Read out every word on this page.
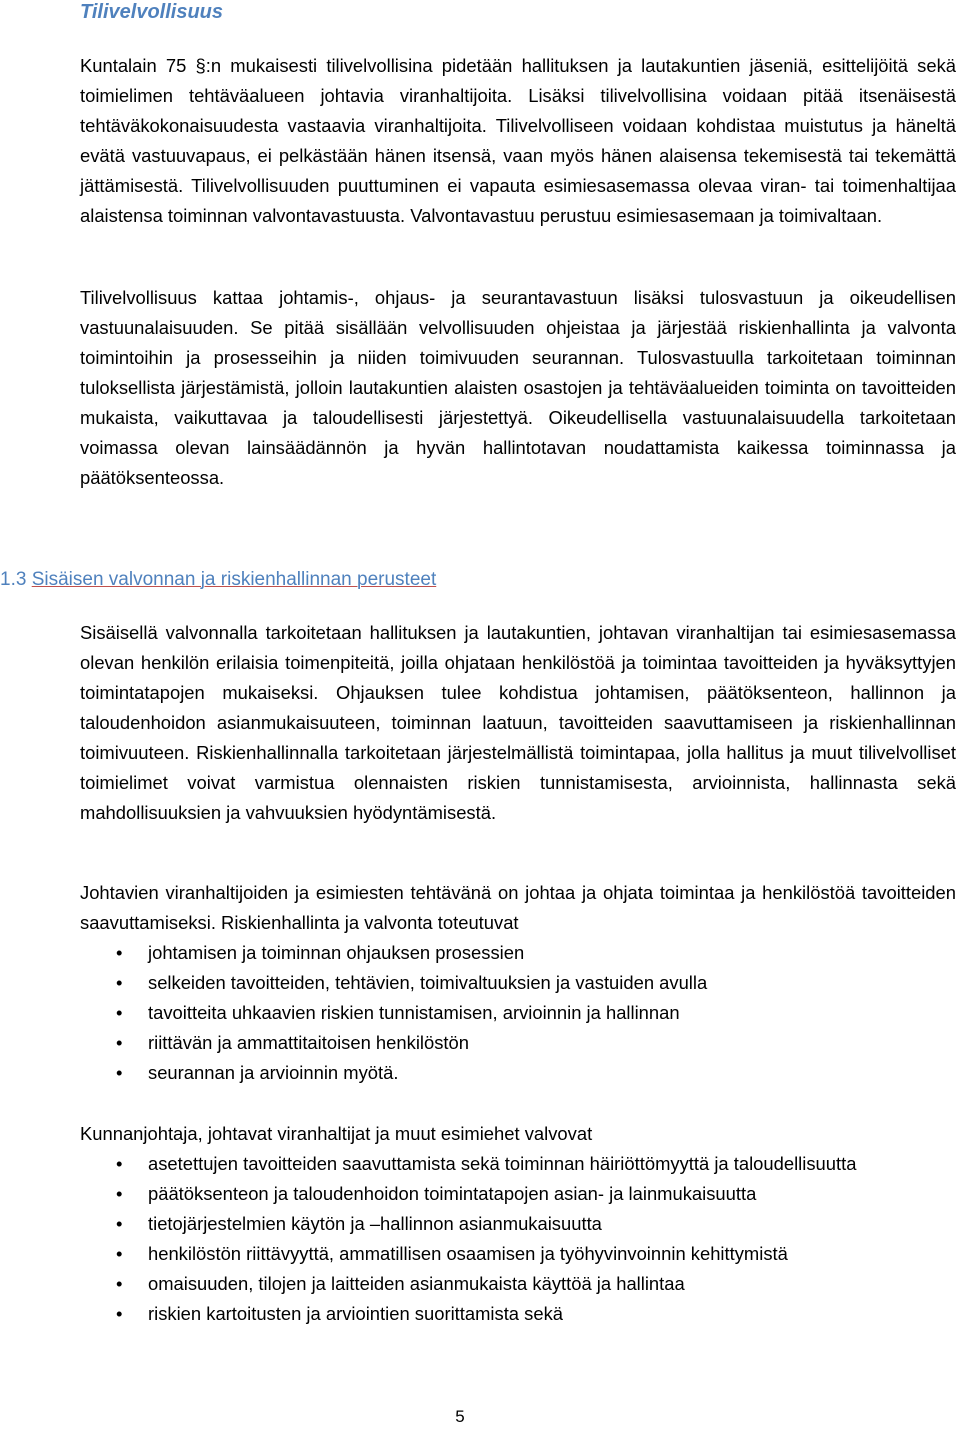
Tilivelvollisuus

Kuntalain 75 §:n mukaisesti tilivelvollisina pidetään hallituksen ja lautakuntien jäseniä, esittelijöitä sekä toimielimen tehtäväalueen johtavia viranhaltijoita. Lisäksi tilivelvollisina voidaan pitää itsenäisestä tehtäväkokonaisuudesta vastaavia viranhaltijoita. Tilivelvolliseen voidaan kohdistaa muistutus ja häneltä evätä vastuuvapaus, ei pelkästään hänen itsensä, vaan myös hänen alaisensa tekemisestä tai tekemättä jättämisestä. Tilivelvollisuuden puuttuminen ei vapauta esimiesasemassa olevaa viran- tai toimenhaltijaa alaistensa toiminnan valvontavastuusta. Valvontavastuu perustuu esimiesasemaan ja toimivaltaan.

Tilivelvollisuus kattaa johtamis-, ohjaus- ja seurantavastuun lisäksi tulosvastuun ja oikeudellisen vastuunalaisuuden. Se pitää sisällään velvollisuuden ohjeistaa ja järjestää riskienhallinta ja valvonta toimintoihin ja prosesseihin ja niiden toimivuuden seurannan. Tulosvastuulla tarkoitetaan toiminnan tuloksellista järjestämistä, jolloin lautakuntien alaisten osastojen ja tehtäväalueiden toiminta on tavoitteiden mukaista, vaikuttavaa ja taloudellisesti järjestettyä. Oikeudellisella vastuunalaisuudella tarkoitetaan voimassa olevan lainsäädännön ja hyvän hallintotavan noudattamista kaikessa toiminnassa ja päätöksenteossa.

1.3 Sisäisen valvonnan ja riskienhallinnan perusteet

Sisäisellä valvonnalla tarkoitetaan hallituksen ja lautakuntien, johtavan viranhaltijan tai esimiesasemassa olevan henkilön erilaisia toimenpiteitä, joilla ohjataan henkilöstöä ja toimintaa tavoitteiden ja hyväksyttyjen toimintatapojen mukaiseksi. Ohjauksen tulee kohdistua johtamisen, päätöksenteon, hallinnon ja taloudenhoidon asianmukaisuuteen, toiminnan laatuun, tavoitteiden saavuttamiseen ja riskienhallinnan toimivuuteen. Riskienhallinnalla tarkoitetaan järjestelmällistä toimintapaa, jolla hallitus ja muut tilivelvolliset toimielimet voivat varmistua olennaisten riskien tunnistamisesta, arvioinnista, hallinnasta sekä mahdollisuuksien ja vahvuuksien hyödyntämisestä.

Johtavien viranhaltijoiden ja esimiesten tehtävänä on johtaa ja ohjata toimintaa ja henkilöstöä tavoitteiden saavuttamiseksi. Riskienhallinta ja valvonta toteutuvat

• johtamisen ja toiminnan ohjauksen prosessien
• selkeiden tavoitteiden, tehtävien, toimivaltuuksien ja vastuiden avulla
• tavoitteita uhkaavien riskien tunnistamisen, arvioinnin ja hallinnan
• riittävän ja ammattitaitoisen henkilöstön
• seurannan ja arvioinnin myötä.

Kunnanjohtaja, johtavat viranhaltijat ja muut esimiehet valvovat

• asetettujen tavoitteiden saavuttamista sekä toiminnan häiriöttömyyttä ja taloudellisuutta
• päätöksenteon ja taloudenhoidon toimintatapojen asian- ja lainmukaisuutta
• tietojärjestelmien käytön ja –hallinnon asianmukaisuutta
• henkilöstön riittävyyttä, ammatillisen osaamisen ja työhyvinvoinnin kehittymistä
• omaisuuden, tilojen ja laitteiden asianmukaista käyttöä ja hallintaa
• riskien kartoitusten ja arviointien suorittamista sekä

5
